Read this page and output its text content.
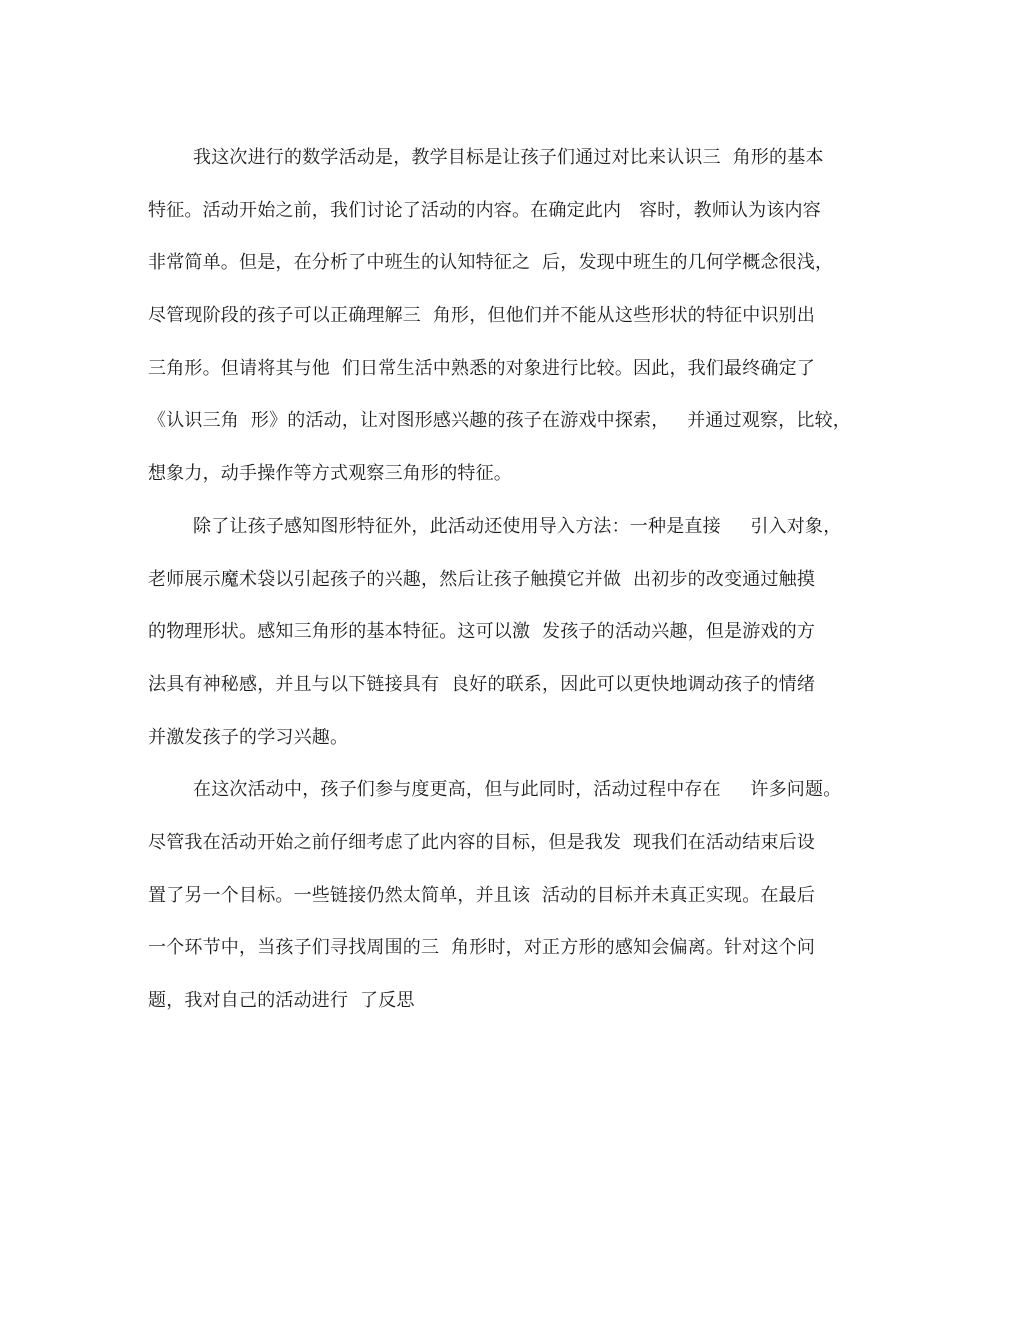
我这次进行的数学活动是，教学目标是让孩子们通过对比来认识三  角形的基本
特征。活动开始之前，我们讨论了活动的内容。在确定此内   容时，教师认为该内容
非常简单。但是，在分析了中班生的认知特征之  后，发现中班生的几何学概念很浅，
尽管现阶段的孩子可以正确理解三  角形，但他们并不能从这些形状的特征中识别出
三角形。但请将其与他  们日常生活中熟悉的对象进行比较。因此，我们最终确定了
《认识三角  形》的活动，让对图形感兴趣的孩子在游戏中探索，   并通过观察，比较，
想象力，动手操作等方式观察三角形的特征。
除了让孩子感知图形特征外，此活动还使用导入方法：一种是直接     引入对象，
老师展示魔术袋以引起孩子的兴趣，然后让孩子触摸它并做  出初步的改变通过触摸
的物理形状。感知三角形的基本特征。这可以激  发孩子的活动兴趣，但是游戏的方
法具有神秘感，并且与以下链接具有  良好的联系，因此可以更快地调动孩子的情绪
并激发孩子的学习兴趣。
在这次活动中，孩子们参与度更高，但与此同时，活动过程中存在     许多问题。
尽管我在活动开始之前仔细考虑了此内容的目标，但是我发  现我们在活动结束后设
置了另一个目标。一些链接仍然太简单，并且该  活动的目标并未真正实现。在最后
一个环节中，当孩子们寻找周围的三  角形时，对正方形的感知会偏离。针对这个问
题，我对自己的活动进行  了反思
